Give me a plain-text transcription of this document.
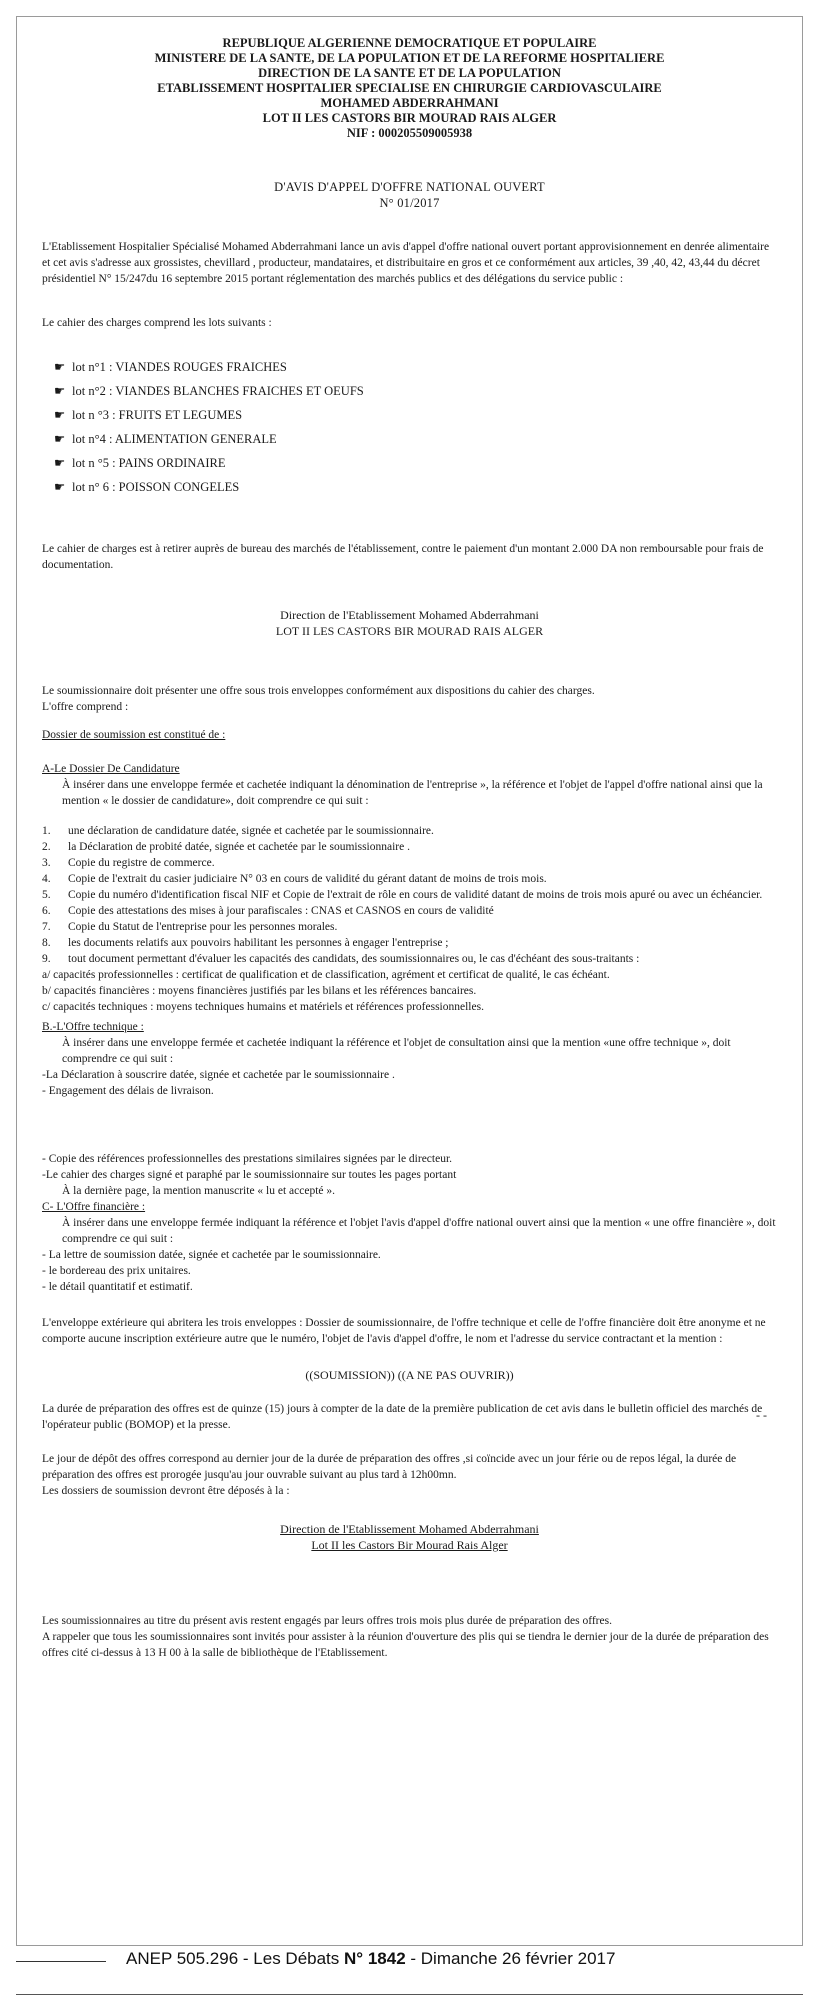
REPUBLIQUE ALGERIENNE DEMOCRATIQUE ET POPULAIRE
MINISTERE DE LA SANTE, DE LA POPULATION ET DE LA REFORME HOSPITALIERE
DIRECTION DE LA SANTE ET DE LA POPULATION
ETABLISSEMENT HOSPITALIER SPECIALISE EN CHIRURGIE CARDIOVASCULAIRE
MOHAMED ABDERRAHMANI
LOT II LES CASTORS BIR MOURAD RAIS ALGER
NIF : 000205509005938
D'AVIS D'APPEL D'OFFRE NATIONAL OUVERT
N° 01/2017

L'Etablissement Hospitalier Spécialisé Mohamed Abderrahmani lance un avis d'appel d'offre national ouvert portant approvisionnement en denrée alimentaire et cet avis s'adresse aux grossistes, chevillard , producteur, mandataires, et distribuitaire en gros et ce conformément aux articles, 39 ,40, 42, 43,44 du décret présidentiel N° 15/247du 16 septembre 2015 portant réglementation des marchés publics et des délégations du service public :

Le cahier des charges comprend les lots suivants :

☛ lot n°1 : VIANDES ROUGES FRAICHES
☛ lot n°2 : VIANDES BLANCHES FRAICHES ET OEUFS
☛ lot n °3 : FRUITS ET LEGUMES
☛ lot n°4 : ALIMENTATION GENERALE
☛ lot n °5 : PAINS ORDINAIRE
☛ lot n° 6 : POISSON CONGELES

Le cahier de charges est à retirer auprès de bureau des marchés de l'établissement, contre le paiement d'un montant 2.000 DA non remboursable pour frais de documentation.

Direction de l'Etablissement Mohamed Abderrahmani
LOT II LES CASTORS BIR MOURAD RAIS ALGER

Le soumissionnaire doit présenter une offre sous trois enveloppes conformément aux dispositions du cahier des charges.

L'offre comprend :

Dossier de soumission est constitué de :

A-Le Dossier De Candidature

À insérer dans une enveloppe fermée et cachetée indiquant la dénomination de l'entreprise », la référence et l'objet de l'appel d'offre national ainsi que la mention « le dossier de candidature», doit comprendre ce qui suit :

1.	une déclaration de candidature datée, signée et cachetée par le soumissionnaire.
2.	la Déclaration de probité datée, signée et cachetée par le soumissionnaire .
3.	Copie du registre de commerce.
4.	Copie de l'extrait du casier judiciaire N° 03 en cours de validité du gérant datant de moins de trois mois.
5.	Copie du numéro d'identification fiscal NIF et Copie de l'extrait de rôle en cours de validité datant de moins de trois mois apuré ou avec un échéancier.
6.	Copie des attestations des mises à jour parafiscales : CNAS et CASNOS en cours de validité
7.	Copie du Statut de l'entreprise pour les personnes morales.
8.	les documents relatifs aux pouvoirs habilitant les personnes à engager l'entreprise ;
9.	tout document permettant d'évaluer les capacités des candidats, des soumissionnaires ou, le cas d'échéant des sous-traitants :

a/ capacités professionnelles : certificat de qualification et de classification, agrément et certificat de qualité, le cas échéant.

b/ capacités financières : moyens financières justifiés par les bilans et les références bancaires.

c/ capacités techniques : moyens techniques humains et matériels et références professionnelles.

B.-L'Offre technique :

À insérer dans une enveloppe fermée et cachetée indiquant la référence et l'objet de consultation ainsi que la mention «une offre technique », doit comprendre ce qui suit :

-La Déclaration à souscrire datée, signée et cachetée par le soumissionnaire .

- Engagement des délais de livraison.

- Copie des références professionnelles des prestations similaires signées par le directeur.

-Le cahier des charges signé et paraphé par le soumissionnaire sur toutes les pages portant

À la dernière page, la mention manuscrite « lu et accepté ».

C- L'Offre financière :

À insérer dans une enveloppe fermée indiquant la référence et l'objet l'avis d'appel d'offre national ouvert ainsi que la mention « une offre financière », doit comprendre ce qui suit :

- La lettre de soumission datée, signée et cachetée par le soumissionnaire.

- le bordereau des prix unitaires.

- le détail quantitatif et estimatif.

L'enveloppe extérieure qui abritera les trois enveloppes : Dossier de soumissionnaire, de l'offre technique et celle de l'offre financière doit être anonyme et ne comporte aucune inscription extérieure autre que le numéro, l'objet de l'avis d'appel d'offre, le nom et l'adresse du service contractant et la mention :

((SOUMISSION)) ((A NE PAS OUVRIR))

La durée de préparation des offres est de quinze (15) jours à compter de la date de la première publication de cet avis dans le bulletin officiel des marchés de l'opérateur public (BOMOP) et la presse.

Le jour de dépôt des offres correspond au dernier jour de la durée de préparation des offres ,si coïncide avec un jour férie ou de repos légal, la durée de préparation des offres est prorogée jusqu'au jour ouvrable suivant au plus tard à 12h00mn.

Les dossiers de soumission devront être déposés à la :

Direction de l'Etablissement Mohamed Abderrahmani
Lot II les Castors Bir Mourad Rais Alger

Les soumissionnaires au titre du présent avis restent engagés par leurs offres trois mois plus durée de préparation des offres.

A rappeler que tous les soumissionnaires sont invités pour assister à la réunion d'ouverture des plis qui se tiendra le dernier jour de la durée de préparation des offres cité ci-dessus à 13 H 00 à la salle de bibliothèque de l'Etablissement.

- -
ANEP 505.296 - Les Débats N° 1842 - Dimanche 26 février 2017
